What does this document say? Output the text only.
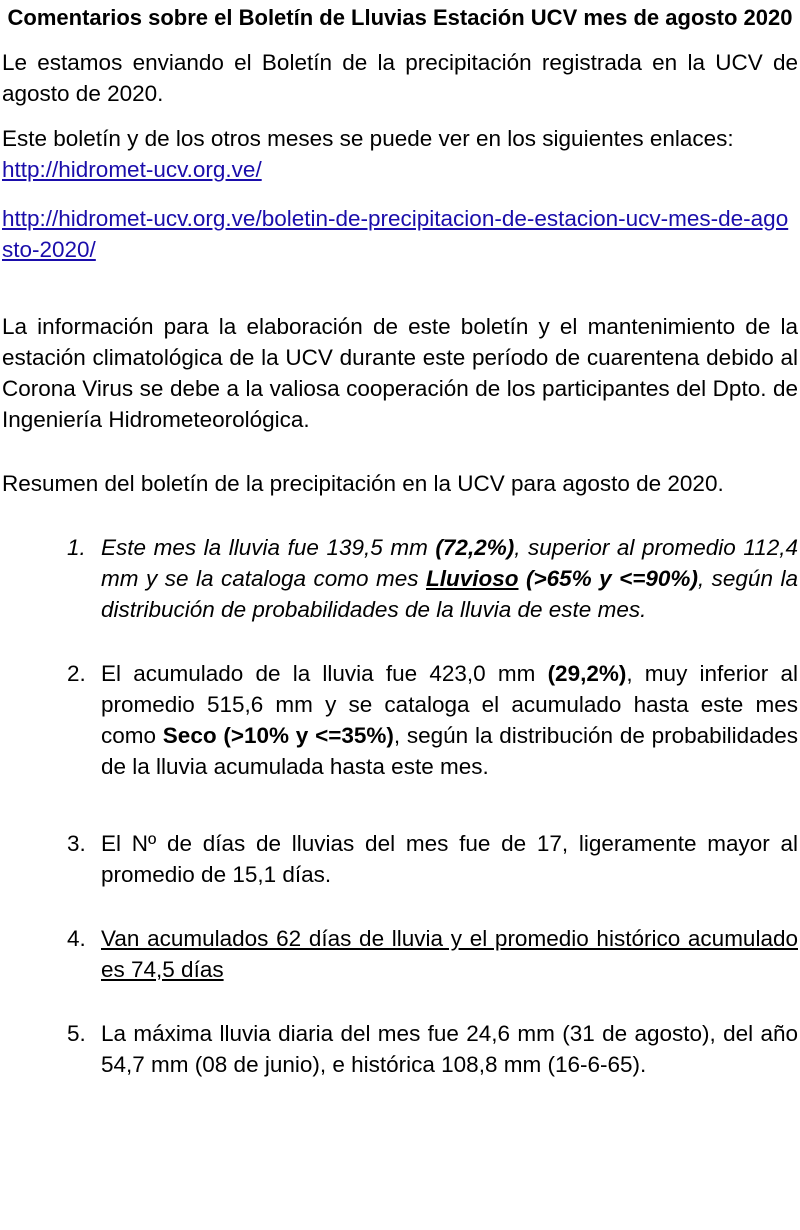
Comentarios sobre el Boletín de Lluvias Estación UCV mes de agosto 2020

Le estamos enviando el Boletín de la precipitación registrada en la UCV de agosto de 2020.

Este boletín y de los otros meses se puede ver en los siguientes enlaces:

http://hidromet-ucv.org.ve/

http://hidromet-ucv.org.ve/boletin-de-precipitacion-de-estacion-ucv-mes-de-agosto-2020/

La información para la elaboración de este boletín y el mantenimiento de la estación climatológica de la UCV durante este período de cuarentena debido al Corona Virus se debe a la valiosa cooperación de los participantes del Dpto. de Ingeniería Hidrometeorológica.

Resumen del boletín de la precipitación en la UCV para agosto de 2020.

1. Este mes la lluvia fue 139,5 mm (72,2%), superior al promedio 112,4 mm y se la cataloga como mes Lluvioso (>65% y <=90%), según la distribución de probabilidades de la lluvia de este mes.
2. El acumulado de la lluvia fue 423,0 mm (29,2%), muy inferior al promedio 515,6 mm y se cataloga el acumulado hasta este mes como Seco (>10% y <=35%), según la distribución de probabilidades de la lluvia acumulada hasta este mes.
3. El Nº de días de lluvias del mes fue de 17, ligeramente mayor al promedio de 15,1 días.
4. Van acumulados 62 días de lluvia y el promedio histórico acumulado es 74,5 días
5. La máxima lluvia diaria del mes fue 24,6 mm (31 de agosto), del año 54,7 mm (08 de junio), e histórica 108,8 mm (16-6-65).
